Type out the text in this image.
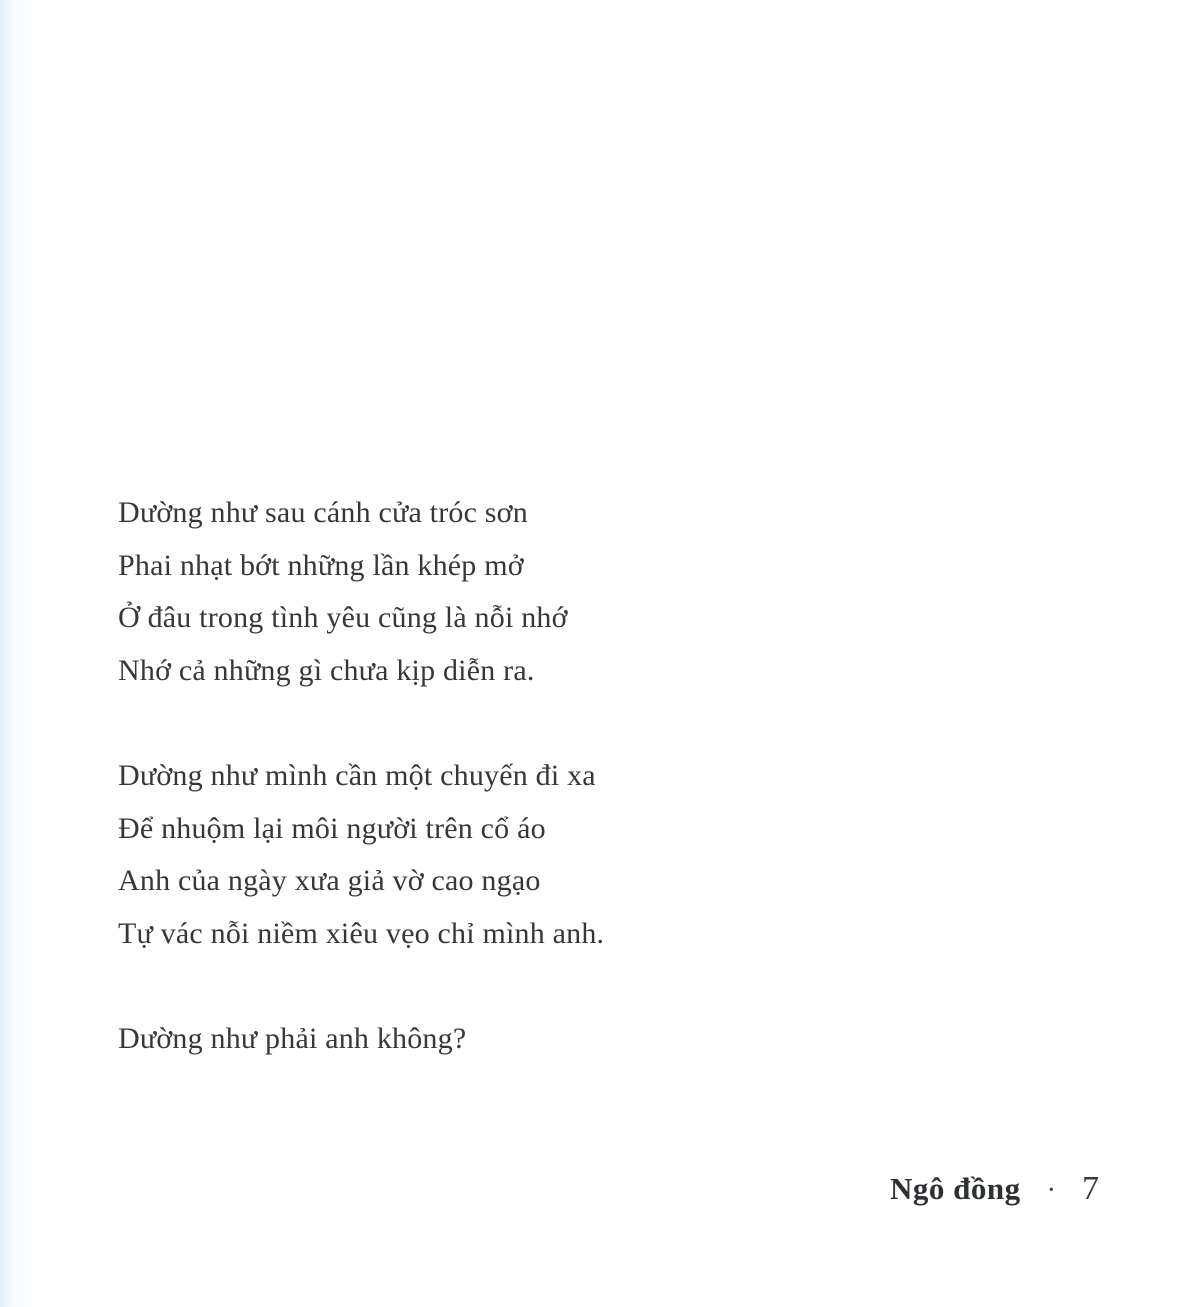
Dường như sau cánh cửa tróc sơn

Phai nhạt bớt những lần khép mở

Ở đâu trong tình yêu cũng là nỗi nhớ

Nhớ cả những gì chưa kịp diễn ra.

Dường như mình cần một chuyến đi xa

Để nhuộm lại môi người trên cổ áo

Anh của ngày xưa giả vờ cao ngạo

Tự vác nỗi niềm xiêu vẹo chỉ mình anh.

Dường như phải anh không?

Ngô đồng · 7
